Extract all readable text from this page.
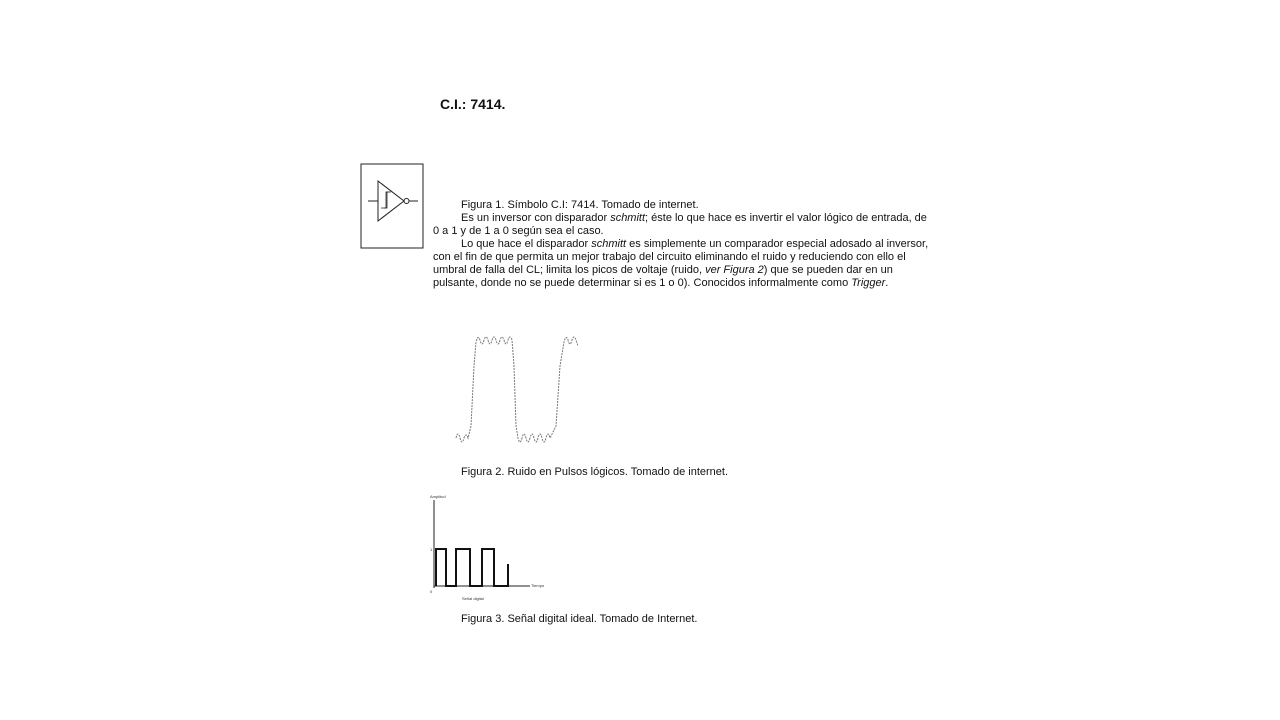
C.I.: 7414.

Figura 1. Símbolo C.I: 7414. Tomado de internet.

Es un inversor con disparador schmitt; éste lo que hace es invertir el valor lógico de entrada, de 0 a 1 y de 1 a 0 según sea el caso.

Lo que hace el disparador schmitt es simplemente un comparador especial adosado al inversor, con el fin de que permita un mejor trabajo del circuito eliminando el ruido y reduciendo con ello el umbral de falla del CL; limita los picos de voltaje (ruido, ver Figura 2) que se pueden dar en un pulsante, donde no se puede determinar si es 1 o 0). Conocidos informalmente como Trigger.

Figura 2. Ruido en Pulsos lógicos. Tomado de internet.
Amplitud
Tiempo
1
0
Señal digital
Figura 3. Señal digital ideal. Tomado de Internet.
